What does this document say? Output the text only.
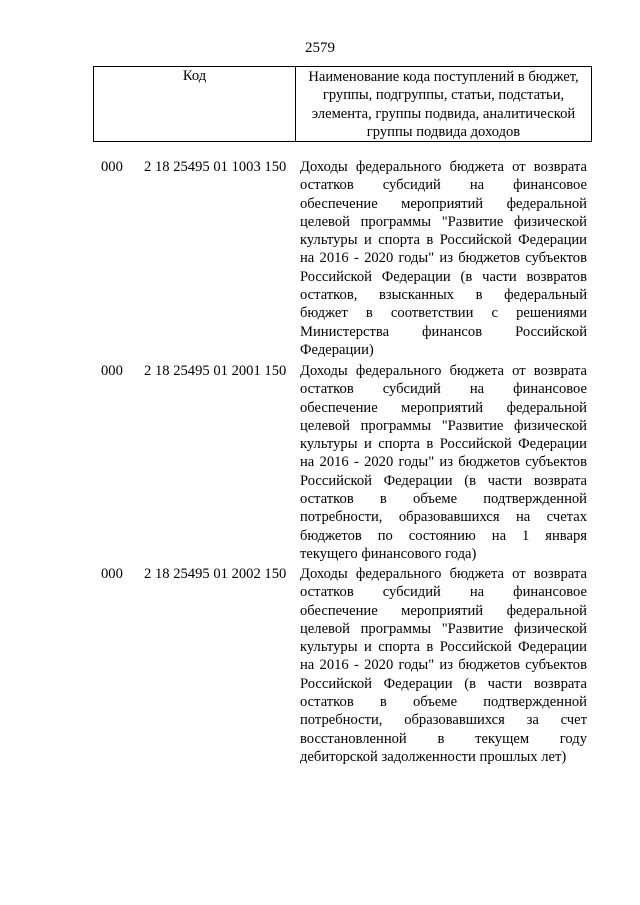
2579
Код	Наименование кода поступлений в бюджет,
группы, подгруппы, статьи, подстатьи,
элемента, группы подвида, аналитической
группы подвида доходов
000 2 18 25495 01 1003 150 Доходы федерального бюджета от возврата
остатков субсидий на финансовое
обеспечение мероприятий федеральной
целевой программы "Развитие физической
культуры и спорта в Российской Федерации
на 2016 - 2020 годы" из бюджетов субъектов
Российской Федерации (в части возвратов
остатков, взысканных в федеральный
бюджет в соответствии с решениями
Министерства финансов Российской
Федерации)
000 2 18 25495 01 2001 150 Доходы федерального бюджета от возврата
остатков субсидий на финансовое
обеспечение мероприятий федеральной
целевой программы "Развитие физической
культуры и спорта в Российской Федерации
на 2016 - 2020 годы" из бюджетов субъектов
Российской Федерации (в части возврата
остатков в объеме подтвержденной
потребности, образовавшихся на счетах
бюджетов по состоянию на 1 января
текущего финансового года)
000 2 18 25495 01 2002 150 Доходы федерального бюджета от возврата
остатков субсидий на финансовое
обеспечение мероприятий федеральной
целевой программы "Развитие физической
культуры и спорта в Российской Федерации
на 2016 - 2020 годы" из бюджетов субъектов
Российской Федерации (в части возврата
остатков в объеме подтвержденной
потребности, образовавшихся за счет
восстановленной в текущем году
дебиторской задолженности прошлых лет)
